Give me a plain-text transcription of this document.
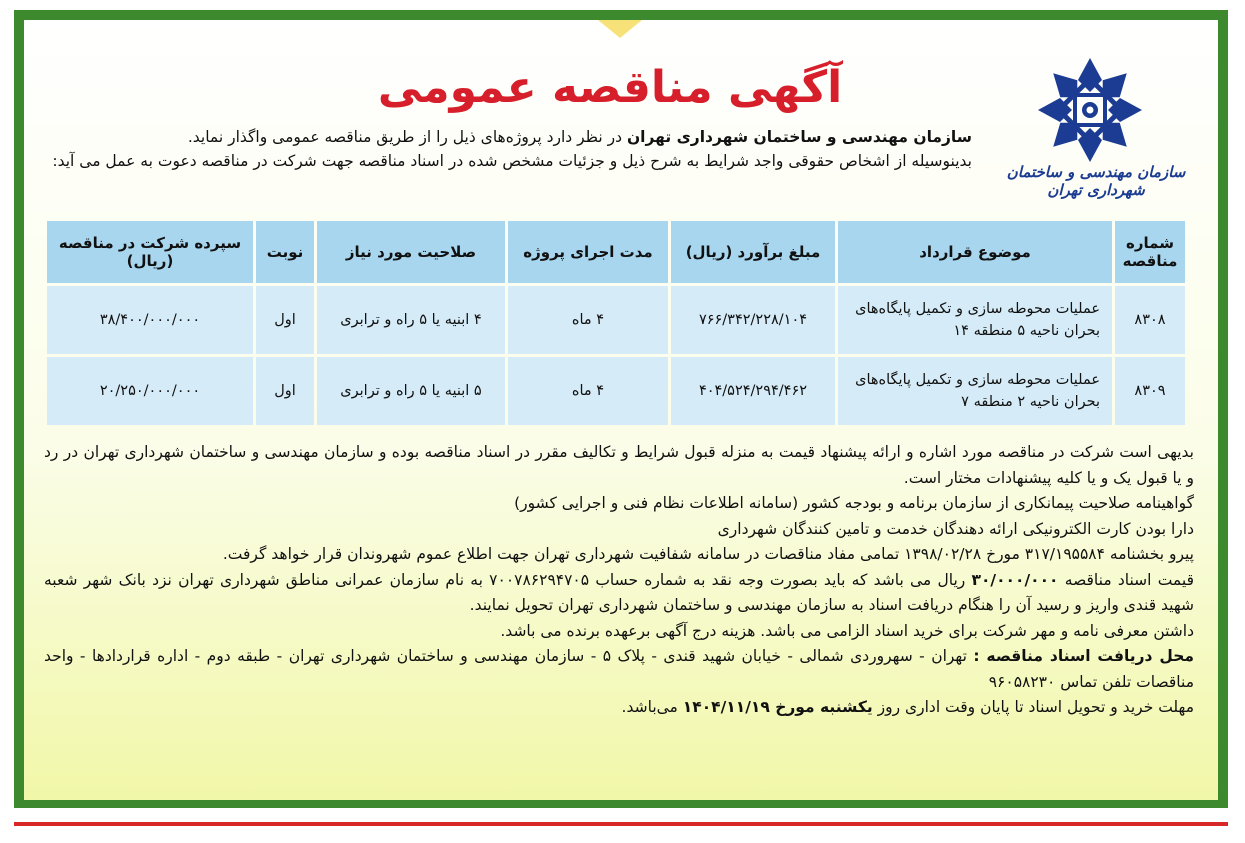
آگهی مناقصه عمومی
سازمان مهندسی و ساختمان شهرداری تهران
سازمان مهندسی و ساختمان شهرداری تهران در نظر دارد پروژه‌های ذیل را از طریق مناقصه عمومی واگذار نماید.
بدینوسیله از اشخاص حقوقی واجد شرایط به شرح ذیل و جزئیات مشخص شده در اسناد مناقصه جهت شرکت در مناقصه دعوت به عمل می آید:
شماره مناقصه	موضوع قرارداد	مبلغ برآورد (ریال)	مدت اجرای پروژه	صلاحیت مورد نیاز	نوبت	سپرده شرکت در مناقصه (ریال)
۸۳۰۸	عملیات محوطه سازی و تکمیل پایگاه‌های بحران ناحیه ۵ منطقه ۱۴	۷۶۶/۳۴۲/۲۲۸/۱۰۴	۴ ماه	۴ ابنیه یا ۵ راه و ترابری	اول	۳۸/۴۰۰/۰۰۰/۰۰۰
۸۳۰۹	عملیات محوطه سازی و تکمیل پایگاه‌های بحران ناحیه ۲ منطقه ۷	۴۰۴/۵۲۴/۲۹۴/۴۶۲	۴ ماه	۵ ابنیه یا ۵ راه و ترابری	اول	۲۰/۲۵۰/۰۰۰/۰۰۰

بدیهی است شرکت در مناقصه مورد اشاره و ارائه پیشنهاد قیمت به منزله قبول شرایط و تکالیف مقرر در اسناد مناقصه بوده و سازمان مهندسی و ساختمان شهرداری تهران در رد و یا قبول یک و یا کلیه پیشنهادات مختار است.

گواهینامه صلاحیت پیمانکاری از سازمان برنامه و بودجه کشور (سامانه اطلاعات نظام فنی و اجرایی کشور)

دارا بودن کارت الکترونیکی ارائه دهندگان خدمت و تامین کنندگان شهرداری

پیرو بخشنامه ۳۱۷/۱۹۵۵۸۴ مورخ ۱۳۹۸/۰۲/۲۸ تمامی مفاد مناقصات در سامانه شفافیت شهرداری تهران جهت اطلاع عموم شهروندان قرار خواهد گرفت.

قیمت اسناد مناقصه ۳۰/۰۰۰/۰۰۰ ریال می باشد که باید بصورت وجه نقد به شماره حساب ۷۰۰۷۸۶۲۹۴۷۰۵ به نام سازمان عمرانی مناطق شهرداری تهران نزد بانک شهر شعبه شهید قندی واریز و رسید آن را هنگام دریافت اسناد به سازمان مهندسی و ساختمان شهرداری تهران تحویل نمایند.

داشتن معرفی نامه و مهر شرکت برای خرید اسناد الزامی می باشد. هزینه درج آگهی برعهده برنده می باشد.

محل دریافت اسناد مناقصه : تهران - سهروردی شمالی - خیابان شهید قندی - پلاک ۵ - سازمان مهندسی و ساختمان شهرداری تهران - طبقه دوم - اداره قراردادها - واحد مناقصات تلفن تماس ۹۶۰۵۸۲۳۰

مهلت خرید و تحویل اسناد تا پایان وقت اداری روز یکشنبه مورخ ۱۴۰۴/۱۱/۱۹ می‌باشد.
